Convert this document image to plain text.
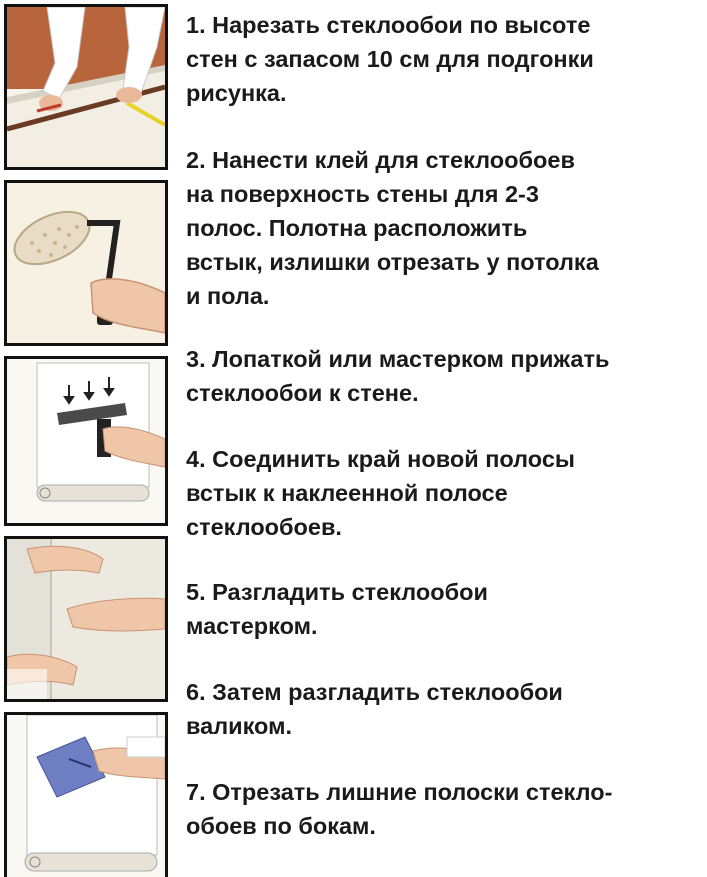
1. Нарезать стеклообои по высоте
стен с запасом 10 см для подгонки
рисунка.

2. Нанести клей для стеклообоев
на поверхность стены для 2-3
полос. Полотна расположить
встык, излишки отрезать у потолка
и пола.

3. Лопаткой или мастерком прижать
стеклообои к стене.

4. Соединить край новой полосы
встык к наклеенной полосе
стеклообоев.

5. Разгладить стеклообои
мастерком.

6. Затем разгладить стеклообои
валиком.

7. Отрезать лишние полоски стекло-
обоев по бокам.
